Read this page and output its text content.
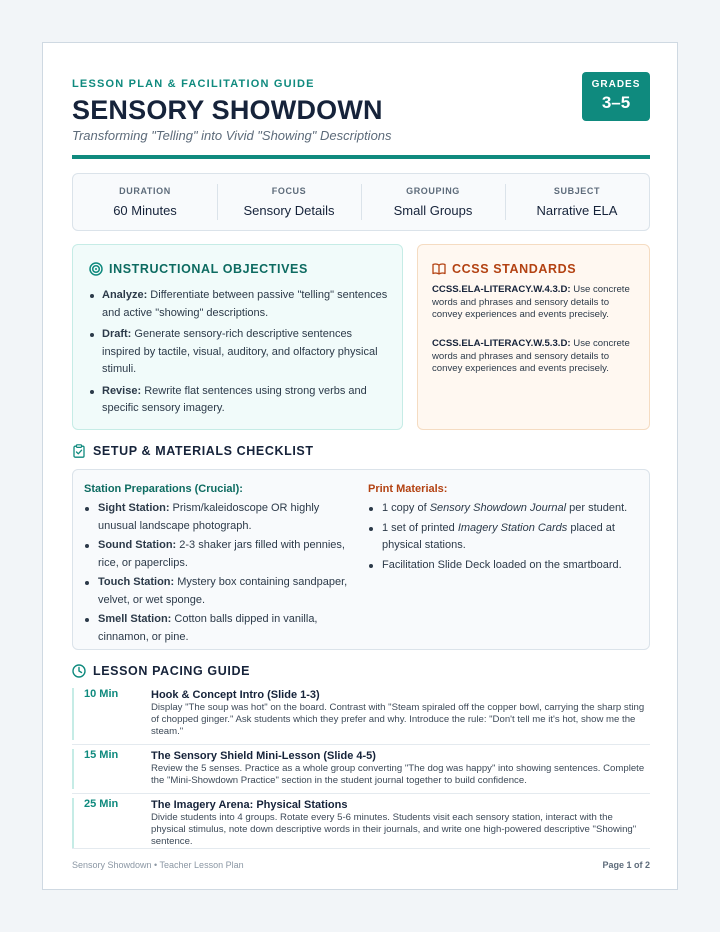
LESSON PLAN & FACILITATION GUIDE
SENSORY SHOWDOWN
Transforming "Telling" into Vivid "Showing" Descriptions
GRADES
3–5
DURATION
60 Minutes
FOCUS
Sensory Details
GROUPING
Small Groups
SUBJECT
Narrative ELA
INSTRUCTIONAL OBJECTIVES
Analyze: Differentiate between passive "telling" sentences and active "showing" descriptions.
Draft: Generate sensory-rich descriptive sentences inspired by tactile, visual, auditory, and olfactory physical stimuli.
Revise: Rewrite flat sentences using strong verbs and specific sensory imagery.
CCSS STANDARDS
CCSS.ELA-LITERACY.W.4.3.D: Use concrete words and phrases and sensory details to convey experiences and events precisely.
CCSS.ELA-LITERACY.W.5.3.D: Use concrete words and phrases and sensory details to convey experiences and events precisely.
SETUP & MATERIALS CHECKLIST
Station Preparations (Crucial):
Sight Station: Prism/kaleidoscope OR highly unusual landscape photograph.
Sound Station: 2-3 shaker jars filled with pennies, rice, or paperclips.
Touch Station: Mystery box containing sandpaper, velvet, or wet sponge.
Smell Station: Cotton balls dipped in vanilla, cinnamon, or pine.
Print Materials:
1 copy of Sensory Showdown Journal per student.
1 set of printed Imagery Station Cards placed at physical stations.
Facilitation Slide Deck loaded on the smartboard.
LESSON PACING GUIDE
10 Min	Hook & Concept Intro (Slide 1-3)
Display "The soup was hot" on the board. Contrast with "Steam spiraled off the copper bowl, carrying the sharp sting of chopped ginger." Ask students which they prefer and why. Introduce the rule: "Don't tell me it's hot, show me the steam."
15 Min	The Sensory Shield Mini-Lesson (Slide 4-5)
Review the 5 senses. Practice as a whole group converting "The dog was happy" into showing sentences. Complete the "Mini-Showdown Practice" section in the student journal together to build confidence.
25 Min	The Imagery Arena: Physical Stations
Divide students into 4 groups. Rotate every 5-6 minutes. Students visit each sensory station, interact with the physical stimulus, note down descriptive words in their journals, and write one high-powered descriptive "Showing" sentence.
Sensory Showdown • Teacher Lesson Plan	Page 1 of 2
